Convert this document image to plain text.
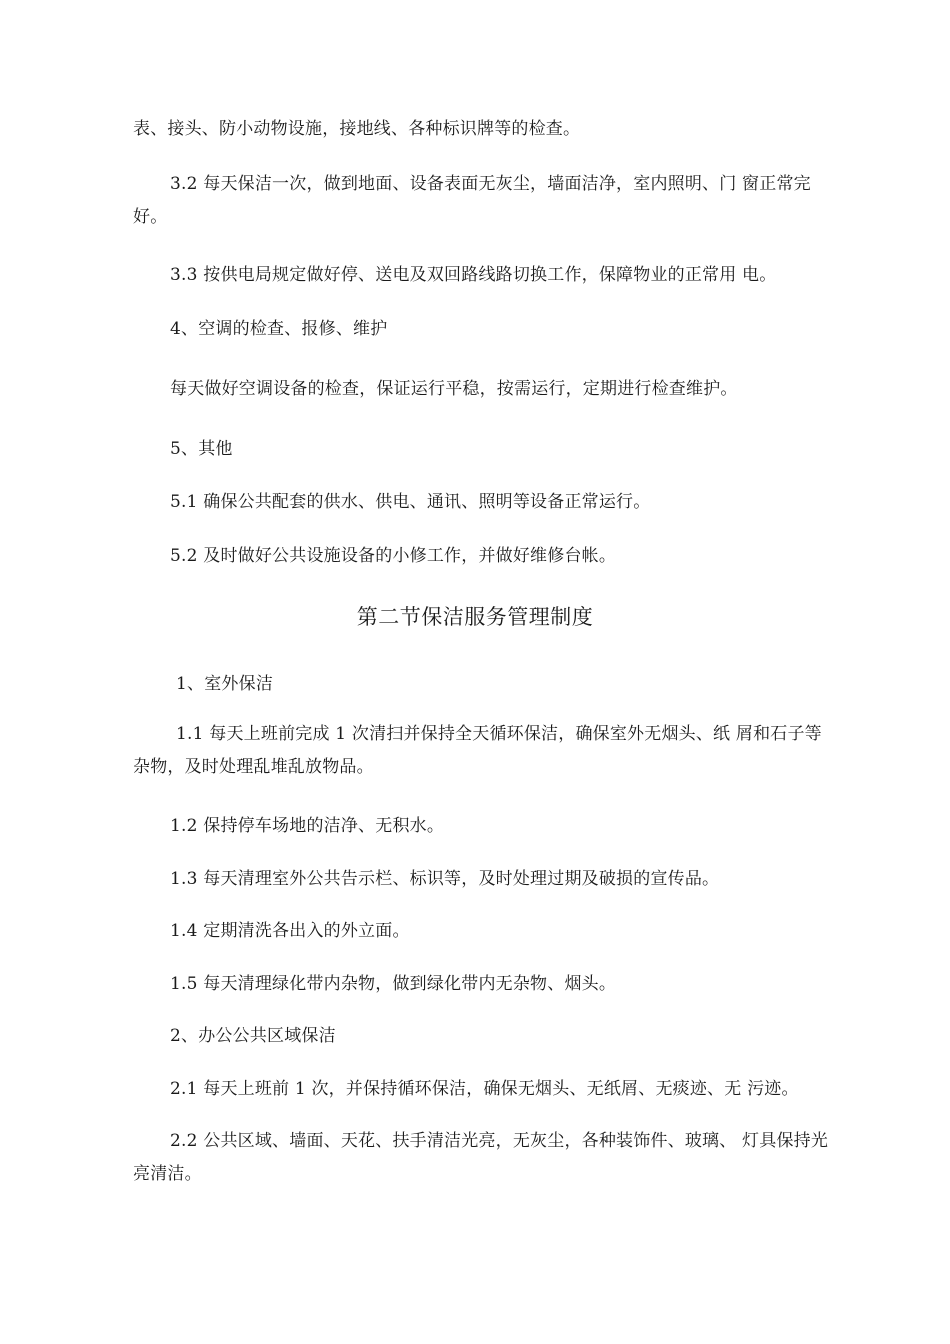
表、接头、防小动物设施，接地线、各种标识牌等的检查。
3.2 每天保洁一次，做到地面、设备表面无灰尘，墙面洁净，室内照明、门 窗正常完好。
3.3 按供电局规定做好停、送电及双回路线路切换工作，保障物业的正常用 电。
4、空调的检查、报修、维护
每天做好空调设备的检查，保证运行平稳，按需运行，定期进行检查维护。
5、其他
5.1 确保公共配套的供水、供电、通讯、照明等设备正常运行。
5.2 及时做好公共设施设备的小修工作，并做好维修台帐。
第二节保洁服务管理制度
1、室外保洁
1.1 每天上班前完成 1 次清扫并保持全天循环保洁，确保室外无烟头、纸 屑和石子等杂物，及时处理乱堆乱放物品。
1.2 保持停车场地的洁净、无积水。
1.3 每天清理室外公共告示栏、标识等，及时处理过期及破损的宣传品。
1.4 定期清洗各出入的外立面。
1.5 每天清理绿化带内杂物，做到绿化带内无杂物、烟头。
2、办公公共区域保洁
2.1 每天上班前 1 次，并保持循环保洁，确保无烟头、无纸屑、无痰迹、无 污迹。
2.2 公共区域、墙面、天花、扶手清洁光亮，无灰尘，各种装饰件、玻璃、 灯具保持光亮清洁。
